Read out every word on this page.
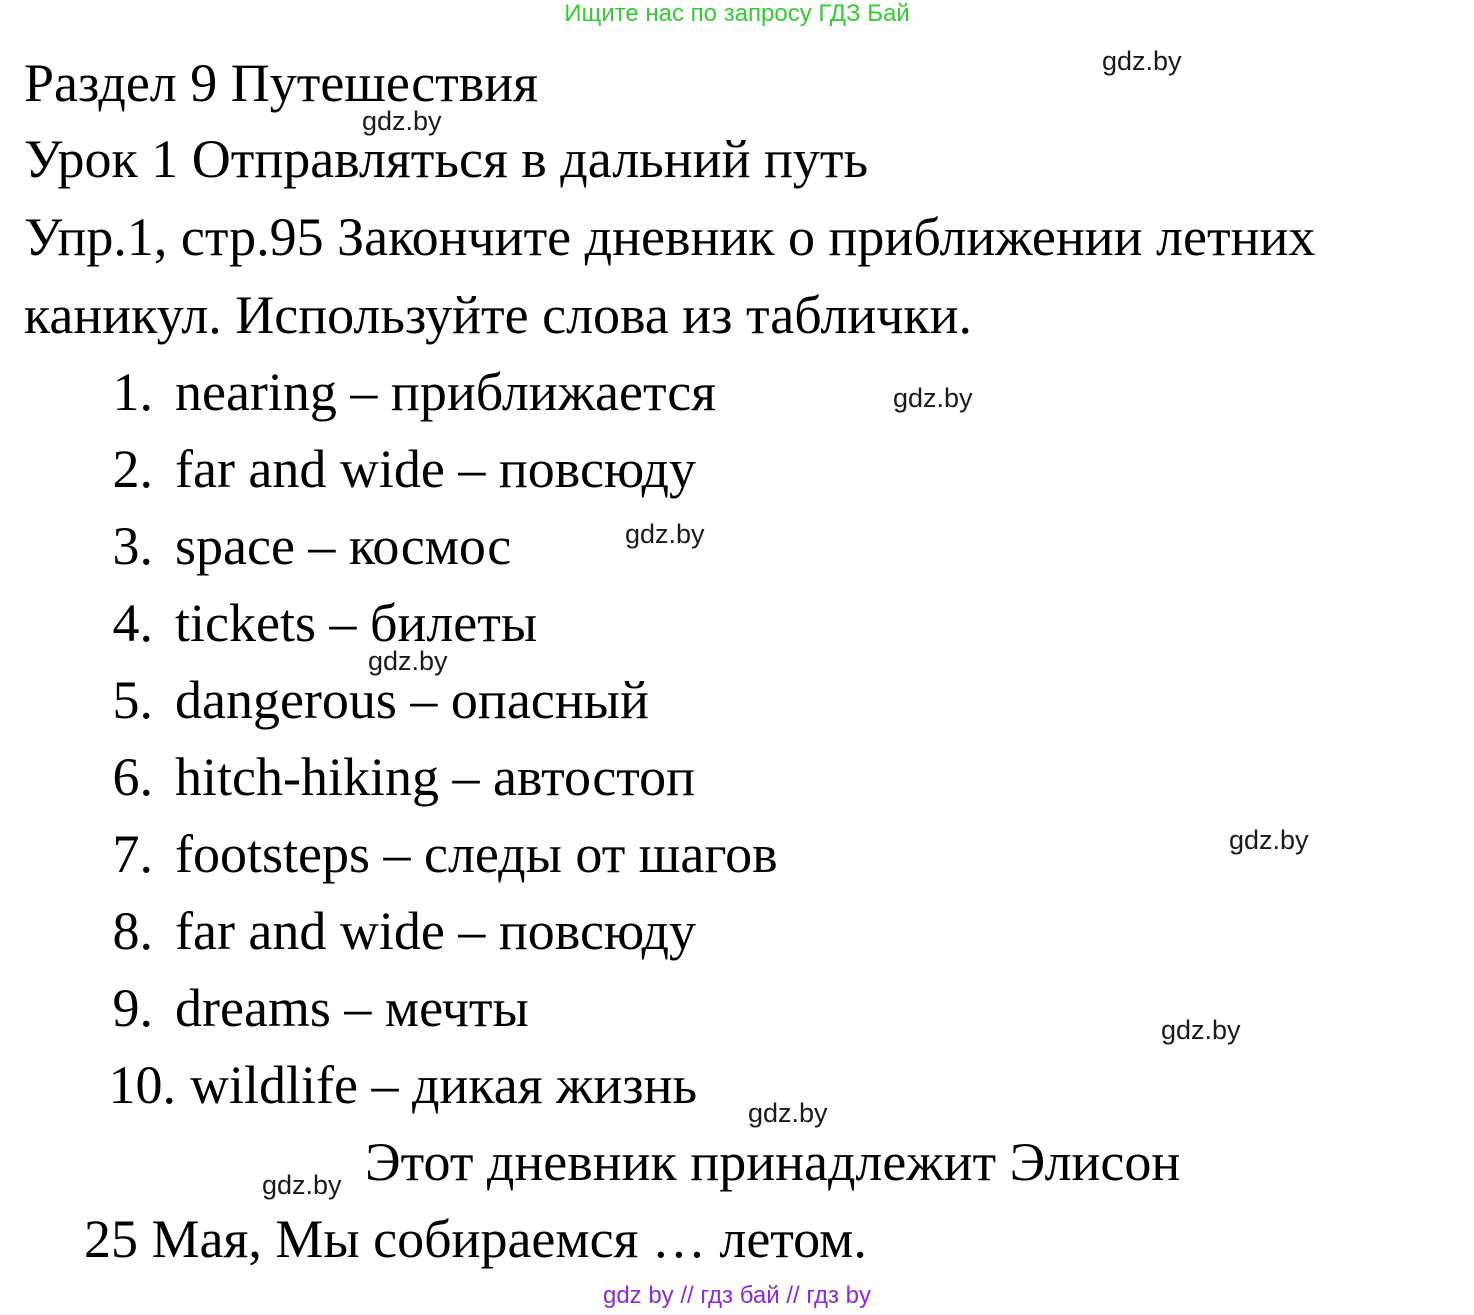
Ищите нас по запросу ГДЗ Бай
gdz.by
gdz.by
gdz.by
gdz.by
gdz.by
gdz.by
gdz.by
gdz.by
gdz.by
Раздел 9 Путешествия
Урок 1 Отправляться в дальний путь
Упр.1, стр.95 Закончите дневник о приближении летних
каникул. Используйте слова из таблички.
1. nearing – приближается
2. far and wide – повсюду
3. space – космос
4. tickets – билеты
5. dangerous – опасный
6. hitch-hiking – автостоп
7. footsteps – следы от шагов
8. far and wide – повсюду
9. dreams – мечты
10. wildlife – дикая жизнь
Этот дневник принадлежит Элисон
25 Мая, Мы собираемся … летом.
gdz by // гдз бай // гдз by
